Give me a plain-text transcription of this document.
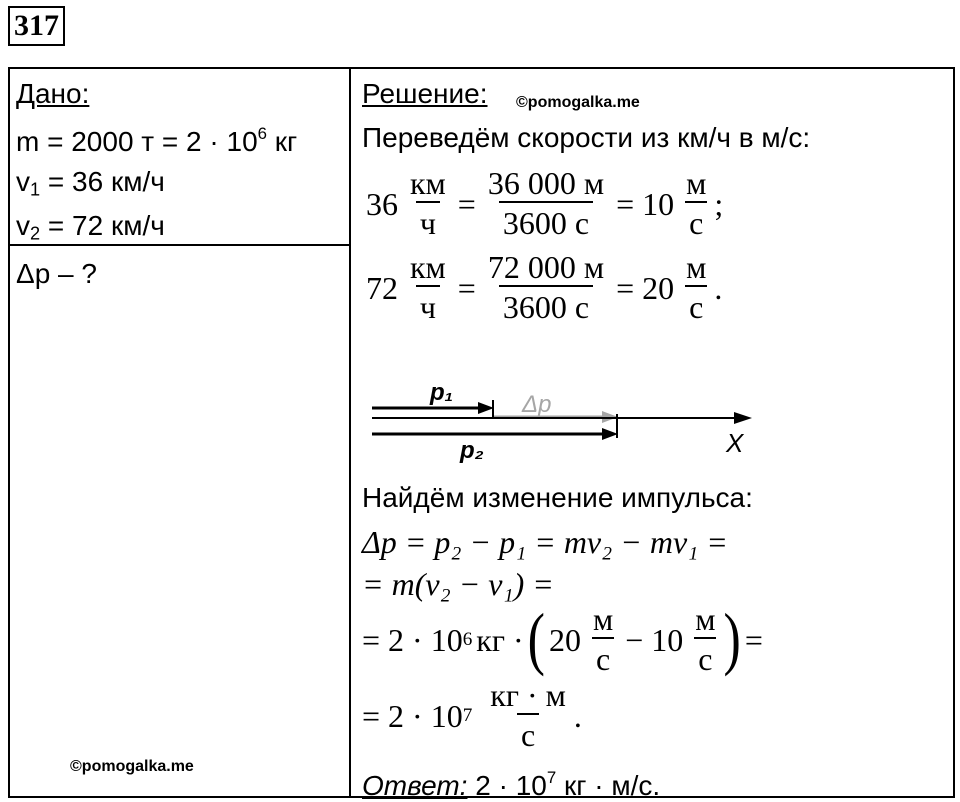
317
Дано:
m = 2000 $т = 2 \cdot 10^6$ кг
$v_1 = 36$ км/ч
$v_2 = 72$ км/ч
Δp – ?
©pomogalka.me
Решение: ©pomogalka.me
Переведём скорости из км/ч в м/с:
$36 \frac{км}{ч} = \frac{36 000 м}{3600 с} = 10 \frac{м}{с}$ ;
$72 \frac{км}{ч} = \frac{72 000 м}{3600 с} = 20 \frac{м}{с}$ .
p₁	Δp
p₂	X
Найдём изменение импульса:
Δp = p₂ − p₁ = mv₂ − mv₁ =
= m(v₂ − v₁) =
= 2 · 10 6 кг · ( $20 \frac{м}{с} - 10 \frac{м}{с}$ ) =
= 2 · 10 $7 \frac{кг \cdot м}{с}$ .
Ответ: $2 \cdot 10^7$ кг · м/с.
